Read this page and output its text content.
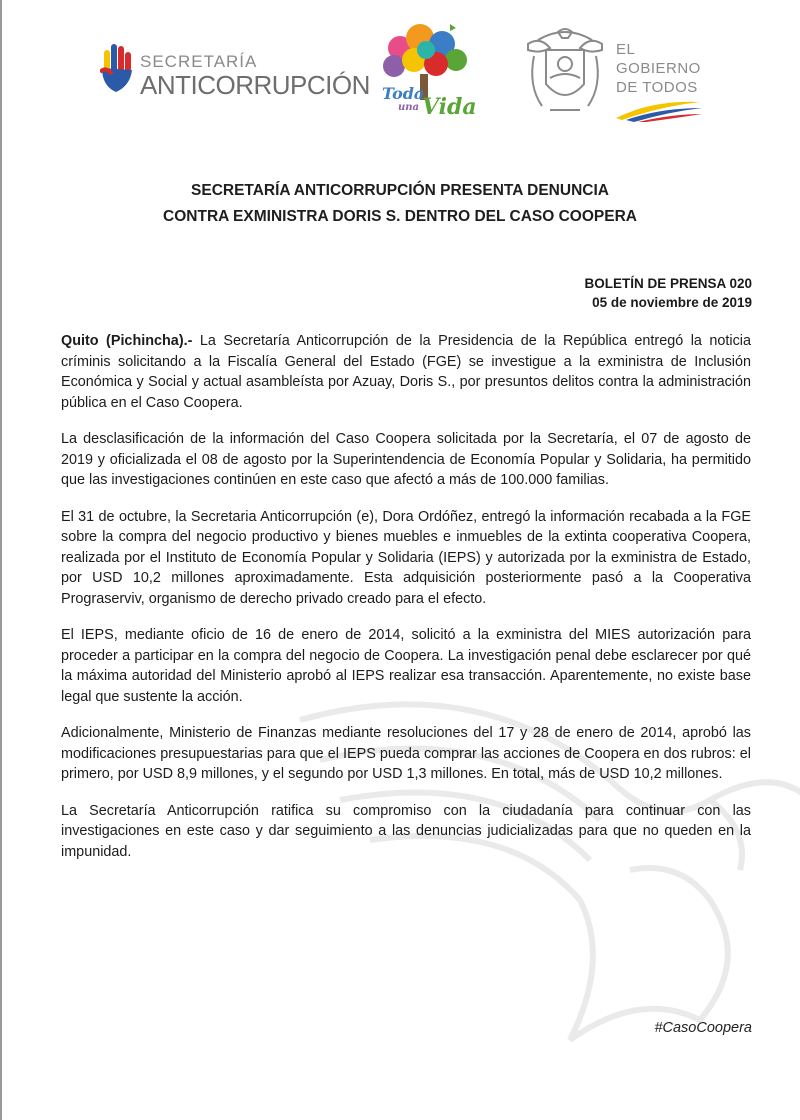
SECRETARÍA
ANTICORRUPCIÓN Toda
una Vida
EL
GOBIERNO
DE TODOS
SECRETARÍA ANTICORRUPCIÓN PRESENTA DENUNCIA
CONTRA EXMINISTRA DORIS S. DENTRO DEL CASO COOPERA
BOLETÍN DE PRENSA 020
05 de noviembre de 2019

Quito (Pichincha).- La Secretaría Anticorrupción de la Presidencia de la República entregó la noticia críminis solicitando a la Fiscalía General del Estado (FGE) se investigue a la exministra de Inclusión Económica y Social y actual asambleísta por Azuay, Doris S., por presuntos delitos contra la administración pública en el Caso Coopera.

La desclasificación de la información del Caso Coopera solicitada por la Secretaría, el 07 de agosto de 2019 y oficializada el 08 de agosto por la Superintendencia de Economía Popular y Solidaria, ha permitido que las investigaciones continúen en este caso que afectó a más de 100.000 familias.

El 31 de octubre, la Secretaria Anticorrupción (e), Dora Ordóñez, entregó la información recabada a la FGE sobre la compra del negocio productivo y bienes muebles e inmuebles de la extinta cooperativa Coopera, realizada por el Instituto de Economía Popular y Solidaria (IEPS) y autorizada por la exministra de Estado, por USD 10,2 millones aproximadamente. Esta adquisición posteriormente pasó a la Cooperativa Prograserviv, organismo de derecho privado creado para el efecto.

El IEPS, mediante oficio de 16 de enero de 2014, solicitó a la exministra del MIES autorización para proceder a participar en la compra del negocio de Coopera. La investigación penal debe esclarecer por qué la máxima autoridad del Ministerio aprobó al IEPS realizar esa transacción. Aparentemente, no existe base legal que sustente la acción.

Adicionalmente, Ministerio de Finanzas mediante resoluciones del 17 y 28 de enero de 2014, aprobó las modificaciones presupuestarias para que el IEPS pueda comprar las acciones de Coopera en dos rubros: el primero, por USD 8,9 millones, y el segundo por USD 1,3 millones. En total, más de USD 10,2 millones.

La Secretaría Anticorrupción ratifica su compromiso con la ciudadanía para continuar con las investigaciones en este caso y dar seguimiento a las denuncias judicializadas para que no queden en la impunidad.

#CasoCoopera
